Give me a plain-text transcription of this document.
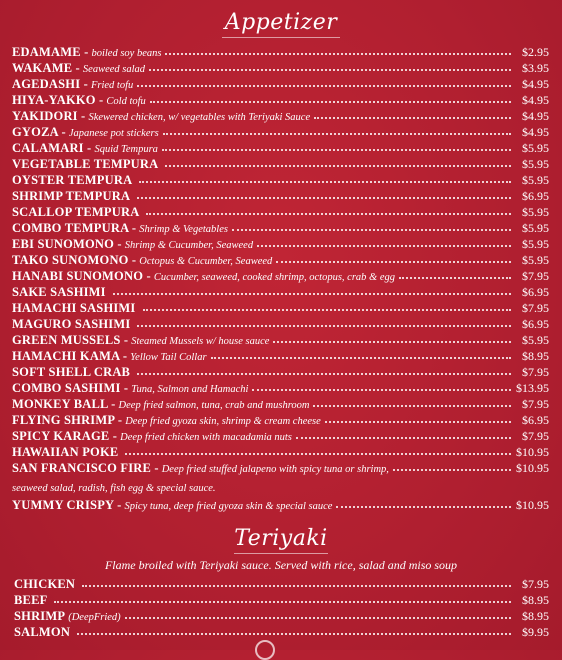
Appetizer
EDAMAME - boiled soy beans	$2.95
WAKAME - Seaweed salad	$3.95
AGEDASHI - Fried tofu	$4.95
HIYA-YAKKO - Cold tofu	$4.95
YAKIDORI - Skewered chicken, w/ vegetables with Teriyaki Sauce	$4.95
GYOZA - Japanese pot stickers	$4.95
CALAMARI - Squid Tempura	$5.95
VEGETABLE TEMPURA	$5.95
OYSTER TEMPURA	$5.95
SHRIMP TEMPURA	$6.95
SCALLOP TEMPURA	$5.95
COMBO TEMPURA - Shrimp & Vegetables	$5.95
EBI SUNOMONO - Shrimp & Cucumber, Seaweed	$5.95
TAKO SUNOMONO - Octopus & Cucumber, Seaweed	$5.95
HANABI SUNOMONO - Cucumber, seaweed, cooked shrimp, octopus, crab & egg	$7.95
SAKE SASHIMI	$6.95
HAMACHI SASHIMI	$7.95
MAGURO SASHIMI	$6.95
GREEN MUSSELS - Steamed Mussels w/ house sauce	$5.95
HAMACHI KAMA - Yellow Tail Collar	$8.95
SOFT SHELL CRAB	$7.95
COMBO SASHIMI - Tuna, Salmon and Hamachi	$13.95
MONKEY BALL - Deep fried salmon, tuna, crab and mushroom	$7.95
FLYING SHRIMP - Deep fried gyoza skin, shrimp & cream cheese	$6.95
SPICY KARAGE - Deep fried chicken with macadamia nuts	$7.95
HAWAIIAN POKE	$10.95
SAN FRANCISCO FIRE - Deep fried stuffed jalapeno with spicy tuna or shrimp,	$10.95
seaweed salad, radish, fish egg & special sauce.
YUMMY CRISPY - Spicy tuna, deep fried gyoza skin & special sauce	$10.95
Teriyaki
Flame broiled with Teriyaki sauce. Served with rice, salad and miso soup
CHICKEN	$7.95
BEEF	$8.95
SHRIMP (DeepFried)	$8.95
SALMON	$9.95
